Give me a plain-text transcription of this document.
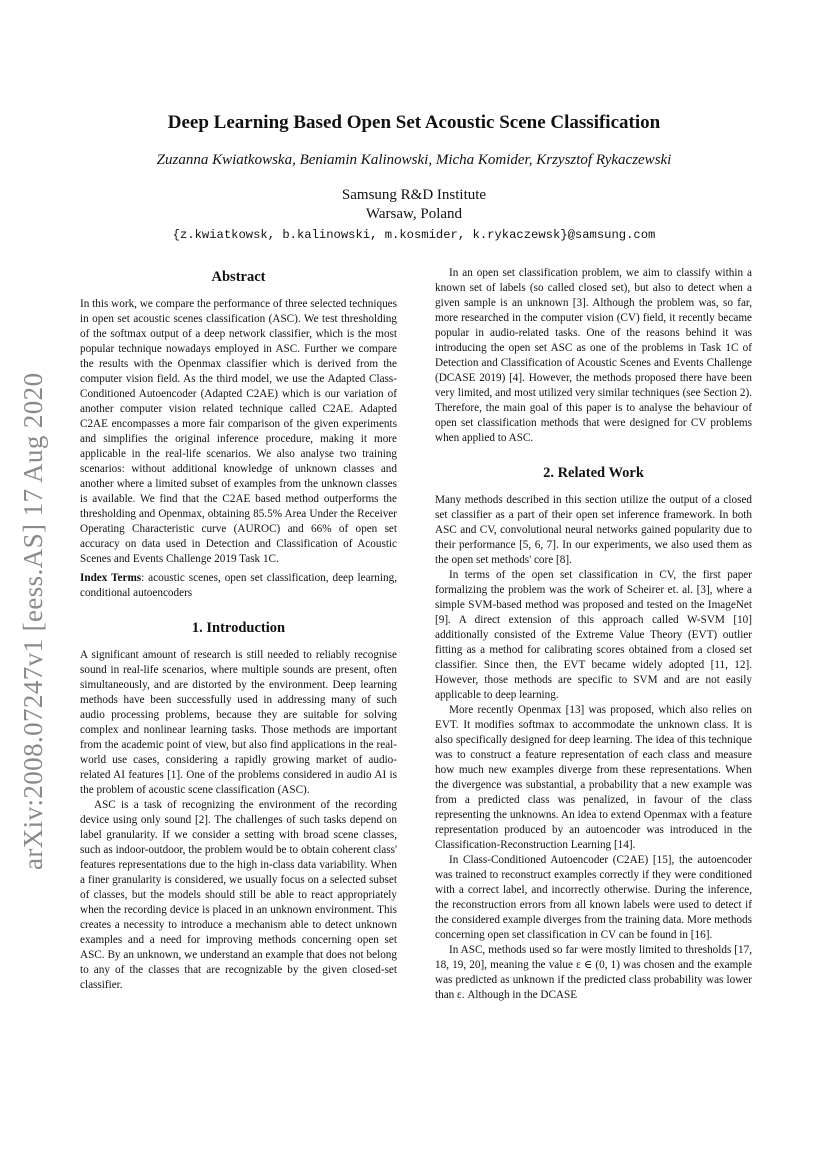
arXiv:2008.07247v1 [eess.AS] 17 Aug 2020
Deep Learning Based Open Set Acoustic Scene Classification
Zuzanna Kwiatkowska, Beniamin Kalinowski, Micha Komider, Krzysztof Rykaczewski
Samsung R&D Institute
Warsaw, Poland
{z.kwiatkowsk, b.kalinowski, m.kosmider, k.rykaczewsk}@samsung.com
Abstract

In this work, we compare the performance of three selected techniques in open set acoustic scenes classification (ASC). We test thresholding of the softmax output of a deep network classifier, which is the most popular technique nowadays employed in ASC. Further we compare the results with the Openmax classifier which is derived from the computer vision field. As the third model, we use the Adapted Class-Conditioned Autoencoder (Adapted C2AE) which is our variation of another computer vision related technique called C2AE. Adapted C2AE encompasses a more fair comparison of the given experiments and simplifies the original inference procedure, making it more applicable in the real-life scenarios. We also analyse two training scenarios: without additional knowledge of unknown classes and another where a limited subset of examples from the unknown classes is available. We find that the C2AE based method outperforms the thresholding and Openmax, obtaining 85.5% Area Under the Receiver Operating Characteristic curve (AUROC) and 66% of open set accuracy on data used in Detection and Classification of Acoustic Scenes and Events Challenge 2019 Task 1C.

Index Terms: acoustic scenes, open set classification, deep learning, conditional autoencoders

1. Introduction

A significant amount of research is still needed to reliably recognise sound in real-life scenarios, where multiple sounds are present, often simultaneously, and are distorted by the environment. Deep learning methods have been successfully used in addressing many of such audio processing problems, because they are suitable for solving complex and nonlinear learning tasks. Those methods are important from the academic point of view, but also find applications in the real-world use cases, considering a rapidly growing market of audio-related AI features [1]. One of the problems considered in audio AI is the problem of acoustic scene classification (ASC).

ASC is a task of recognizing the environment of the recording device using only sound [2]. The challenges of such tasks depend on label granularity. If we consider a setting with broad scene classes, such as indoor-outdoor, the problem would be to obtain coherent class' features representations due to the high in-class data variability. When a finer granularity is considered, we usually focus on a selected subset of classes, but the models should still be able to react appropriately when the recording device is placed in an unknown environment. This creates a necessity to introduce a mechanism able to detect unknown examples and a need for improving methods concerning open set ASC. By an unknown, we understand an example that does not belong to any of the classes that are recognizable by the given closed-set classifier.

In an open set classification problem, we aim to classify within a known set of labels (so called closed set), but also to detect when a given sample is an unknown [3]. Although the problem was, so far, more researched in the computer vision (CV) field, it recently became popular in audio-related tasks. One of the reasons behind it was introducing the open set ASC as one of the problems in Task 1C of Detection and Classification of Acoustic Scenes and Events Challenge (DCASE 2019) [4]. However, the methods proposed there have been very limited, and most utilized very similar techniques (see Section 2). Therefore, the main goal of this paper is to analyse the behaviour of open set classification methods that were designed for CV problems when applied to ASC.

2. Related Work

Many methods described in this section utilize the output of a closed set classifier as a part of their open set inference framework. In both ASC and CV, convolutional neural networks gained popularity due to their performance [5, 6, 7]. In our experiments, we also used them as the open set methods' core [8].

In terms of the open set classification in CV, the first paper formalizing the problem was the work of Scheirer et. al. [3], where a simple SVM-based method was proposed and tested on the ImageNet [9]. A direct extension of this approach called W-SVM [10] additionally consisted of the Extreme Value Theory (EVT) outlier fitting as a method for calibrating scores obtained from a closed set classifier. Since then, the EVT became widely adopted [11, 12]. However, those methods are specific to SVM and are not easily applicable to deep learning.

More recently Openmax [13] was proposed, which also relies on EVT. It modifies softmax to accommodate the unknown class. It is also specifically designed for deep learning. The idea of this technique was to construct a feature representation of each class and measure how much new examples diverge from these representations. When the divergence was substantial, a probability that a new example was from a predicted class was penalized, in favour of the class representing the unknowns. An idea to extend Openmax with a feature representation produced by an autoencoder was introduced in the Classification-Reconstruction Learning [14].

In Class-Conditioned Autoencoder (C2AE) [15], the autoencoder was trained to reconstruct examples correctly if they were conditioned with a correct label, and incorrectly otherwise. During the inference, the reconstruction errors from all known labels were used to detect if the considered example diverges from the training data. More methods concerning open set classification in CV can be found in [16].

In ASC, methods used so far were mostly limited to thresholds [17, 18, 19, 20], meaning the value ε ∈ (0, 1) was chosen and the example was predicted as unknown if the predicted class probability was lower than ε. Although in the DCASE
